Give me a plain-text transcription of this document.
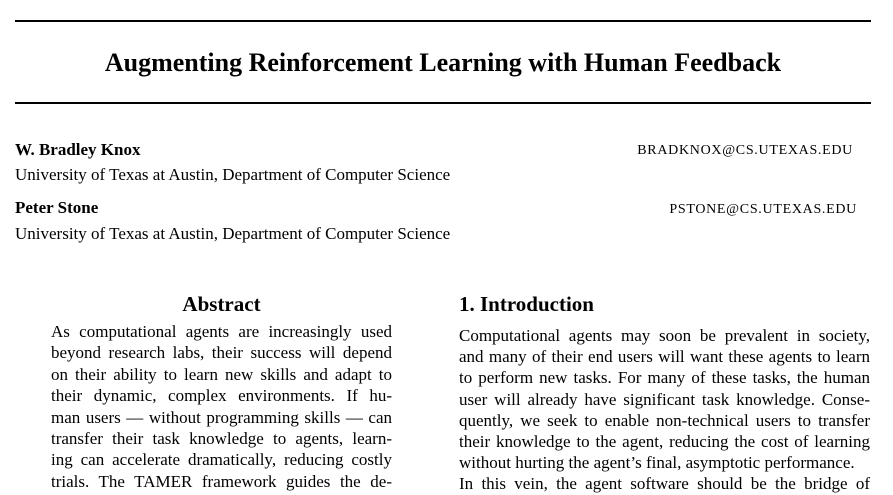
Augmenting Reinforcement Learning with Human Feedback
W. Bradley Knox	BRADKNOX@CS.UTEXAS.EDU
University of Texas at Austin, Department of Computer Science
Peter Stone	PSTONE@CS.UTEXAS.EDU
University of Texas at Austin, Department of Computer Science
Abstract
As computational agents are increasingly used
beyond research labs, their success will depend
on their ability to learn new skills and adapt to
their dynamic, complex environments. If hu-
man users — without programming skills — can
transfer their task knowledge to agents, learn-
ing can accelerate dramatically, reducing costly
trials. The TAMER framework guides the de-
1. Introduction
Computational agents may soon be prevalent in society,
and many of their end users will want these agents to learn
to perform new tasks. For many of these tasks, the human
user will already have significant task knowledge. Conse-
quently, we seek to enable non-technical users to transfer
their knowledge to the agent, reducing the cost of learning
without hurting the agent’s final, asymptotic performance.
In this vein, the agent software should be the bridge of
